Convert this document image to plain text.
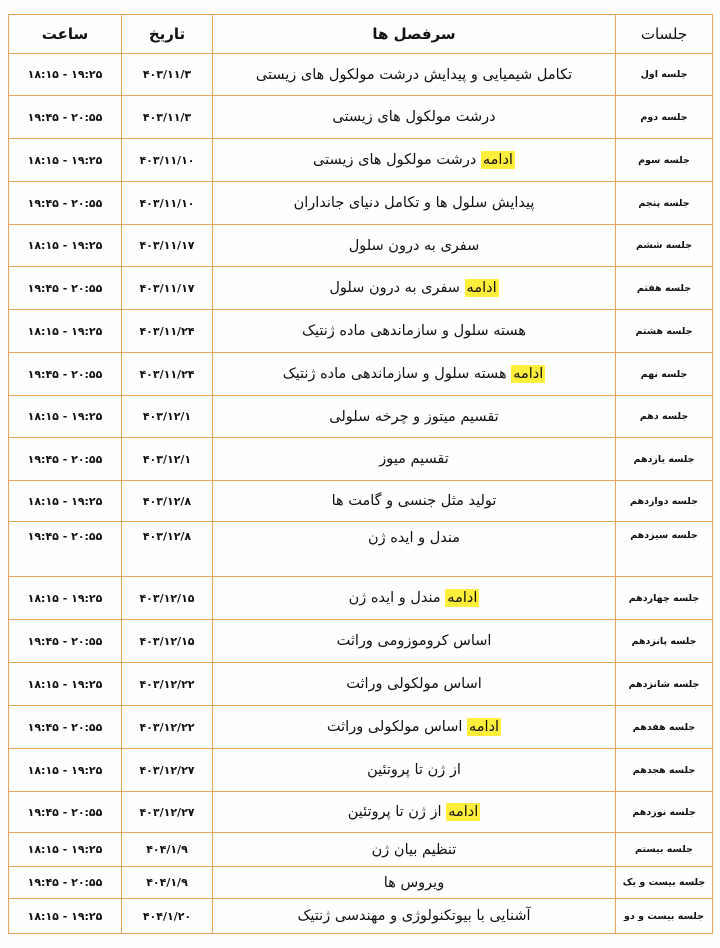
جلسات	سرفصل ها	تاریخ	ساعت
جلسه اول	تکامل شیمیایی و پیدایش درشت مولکول های زیستی	۴۰۳/۱۱/۳	۱۸:۱۵ - ۱۹:۲۵
جلسه دوم	درشت مولکول های زیستی	۴۰۳/۱۱/۳	۱۹:۴۵ - ۲۰:۵۵
جلسه سوم	ادامه درشت مولکول های زیستی	۴۰۳/۱۱/۱۰	۱۸:۱۵ - ۱۹:۲۵
جلسه پنجم	پیدایش سلول ها و تکامل دنیای جانداران	۴۰۳/۱۱/۱۰	۱۹:۴۵ - ۲۰:۵۵
جلسه ششم	سفری به درون سلول	۴۰۳/۱۱/۱۷	۱۸:۱۵ - ۱۹:۲۵
جلسه هفتم	ادامه سفری به درون سلول	۴۰۳/۱۱/۱۷	۱۹:۴۵ - ۲۰:۵۵
جلسه هشتم	هسته سلول و سازماندهی ماده ژنتیک	۴۰۳/۱۱/۲۴	۱۸:۱۵ - ۱۹:۲۵
جلسه نهم	ادامه هسته سلول و سازماندهی ماده ژنتیک	۴۰۳/۱۱/۲۴	۱۹:۴۵ - ۲۰:۵۵
جلسه دهم	تقسیم میتوز و چرخه سلولی	۴۰۳/۱۲/۱	۱۸:۱۵ - ۱۹:۲۵
جلسه یازدهم	تقسیم میوز	۴۰۳/۱۲/۱	۱۹:۴۵ - ۲۰:۵۵
جلسه دوازدهم	تولید مثل جنسی و گامت ها	۴۰۳/۱۲/۸	۱۸:۱۵ - ۱۹:۲۵
جلسه سیزدهم	مندل و ایده ژن	۴۰۳/۱۲/۸	۱۹:۴۵ - ۲۰:۵۵
جلسه چهاردهم	ادامه مندل و ایده ژن	۴۰۳/۱۲/۱۵	۱۸:۱۵ - ۱۹:۲۵
جلسه پانزدهم	اساس کروموزومی وراثت	۴۰۳/۱۲/۱۵	۱۹:۴۵ - ۲۰:۵۵
جلسه شانزدهم	اساس مولکولی وراثت	۴۰۳/۱۲/۲۲	۱۸:۱۵ - ۱۹:۲۵
جلسه هفدهم	ادامه اساس مولکولی وراثت	۴۰۳/۱۲/۲۲	۱۹:۴۵ - ۲۰:۵۵
جلسه هجدهم	از ژن تا پروتئین	۴۰۳/۱۲/۲۷	۱۸:۱۵ - ۱۹:۲۵
جلسه نوزدهم	ادامه از ژن تا پروتئین	۴۰۳/۱۲/۲۷	۱۹:۴۵ - ۲۰:۵۵
جلسه بیستم	تنظیم بیان ژن	۴۰۴/۱/۹	۱۸:۱۵ - ۱۹:۲۵
جلسه بیست و یک	ویروس ها	۴۰۴/۱/۹	۱۹:۴۵ - ۲۰:۵۵
جلسه بیست و دو	آشنایی با بیوتکنولوژی و مهندسی ژنتیک	۴۰۴/۱/۲۰	۱۸:۱۵ - ۱۹:۲۵
